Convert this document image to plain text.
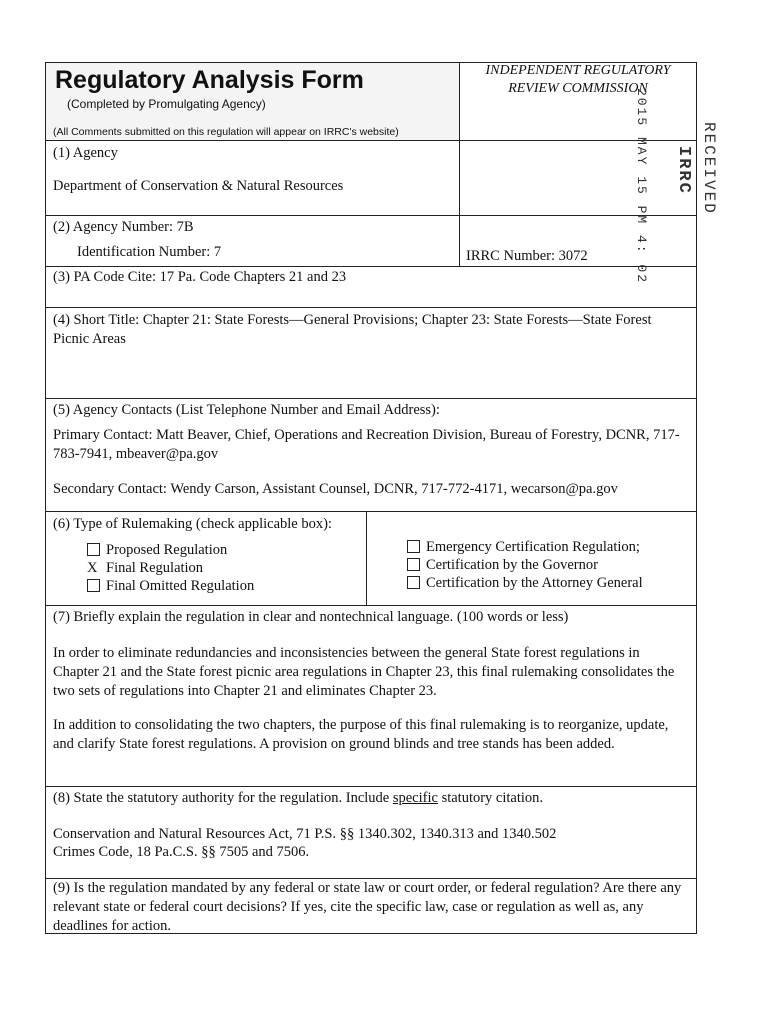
Regulatory Analysis Form
(Completed by Promulgating Agency)
(All Comments submitted on this regulation will appear on IRRC's website)
INDEPENDENT REGULATORY
REVIEW COMMISSION
(1) Agency
Department of Conservation & Natural Resources
(2) Agency Number: 7B
Identification Number: 7	IRRC Number: 3072	2015 MAY 15 PM 4: 02 IRRC RECEIVED
(3) PA Code Cite: 17 Pa. Code Chapters 21 and 23
(4) Short Title: Chapter 21: State Forests—General Provisions; Chapter 23: State Forests—State Forest Picnic Areas
(5) Agency Contacts (List Telephone Number and Email Address):
Primary Contact: Matt Beaver, Chief, Operations and Recreation Division, Bureau of Forestry, DCNR, 717-783-7941, mbeaver@pa.gov
Secondary Contact: Wendy Carson, Assistant Counsel, DCNR, 717-772-4171, wecarson@pa.gov
(6) Type of Rulemaking (check applicable box):
Proposed Regulation
X Final Regulation
Final Omitted Regulation
Emergency Certification Regulation;
Certification by the Governor
Certification by the Attorney General
(7) Briefly explain the regulation in clear and nontechnical language. (100 words or less)
In order to eliminate redundancies and inconsistencies between the general State forest regulations in Chapter 21 and the State forest picnic area regulations in Chapter 23, this final rulemaking consolidates the two sets of regulations into Chapter 21 and eliminates Chapter 23.
In addition to consolidating the two chapters, the purpose of this final rulemaking is to reorganize, update, and clarify State forest regulations. A provision on ground blinds and tree stands has been added.
(8) State the statutory authority for the regulation. Include specific statutory citation.
Conservation and Natural Resources Act, 71 P.S. §§ 1340.302, 1340.313 and 1340.502
Crimes Code, 18 Pa.C.S. §§ 7505 and 7506.
(9) Is the regulation mandated by any federal or state law or court order, or federal regulation? Are there any relevant state or federal court decisions? If yes, cite the specific law, case or regulation as well as, any deadlines for action.
